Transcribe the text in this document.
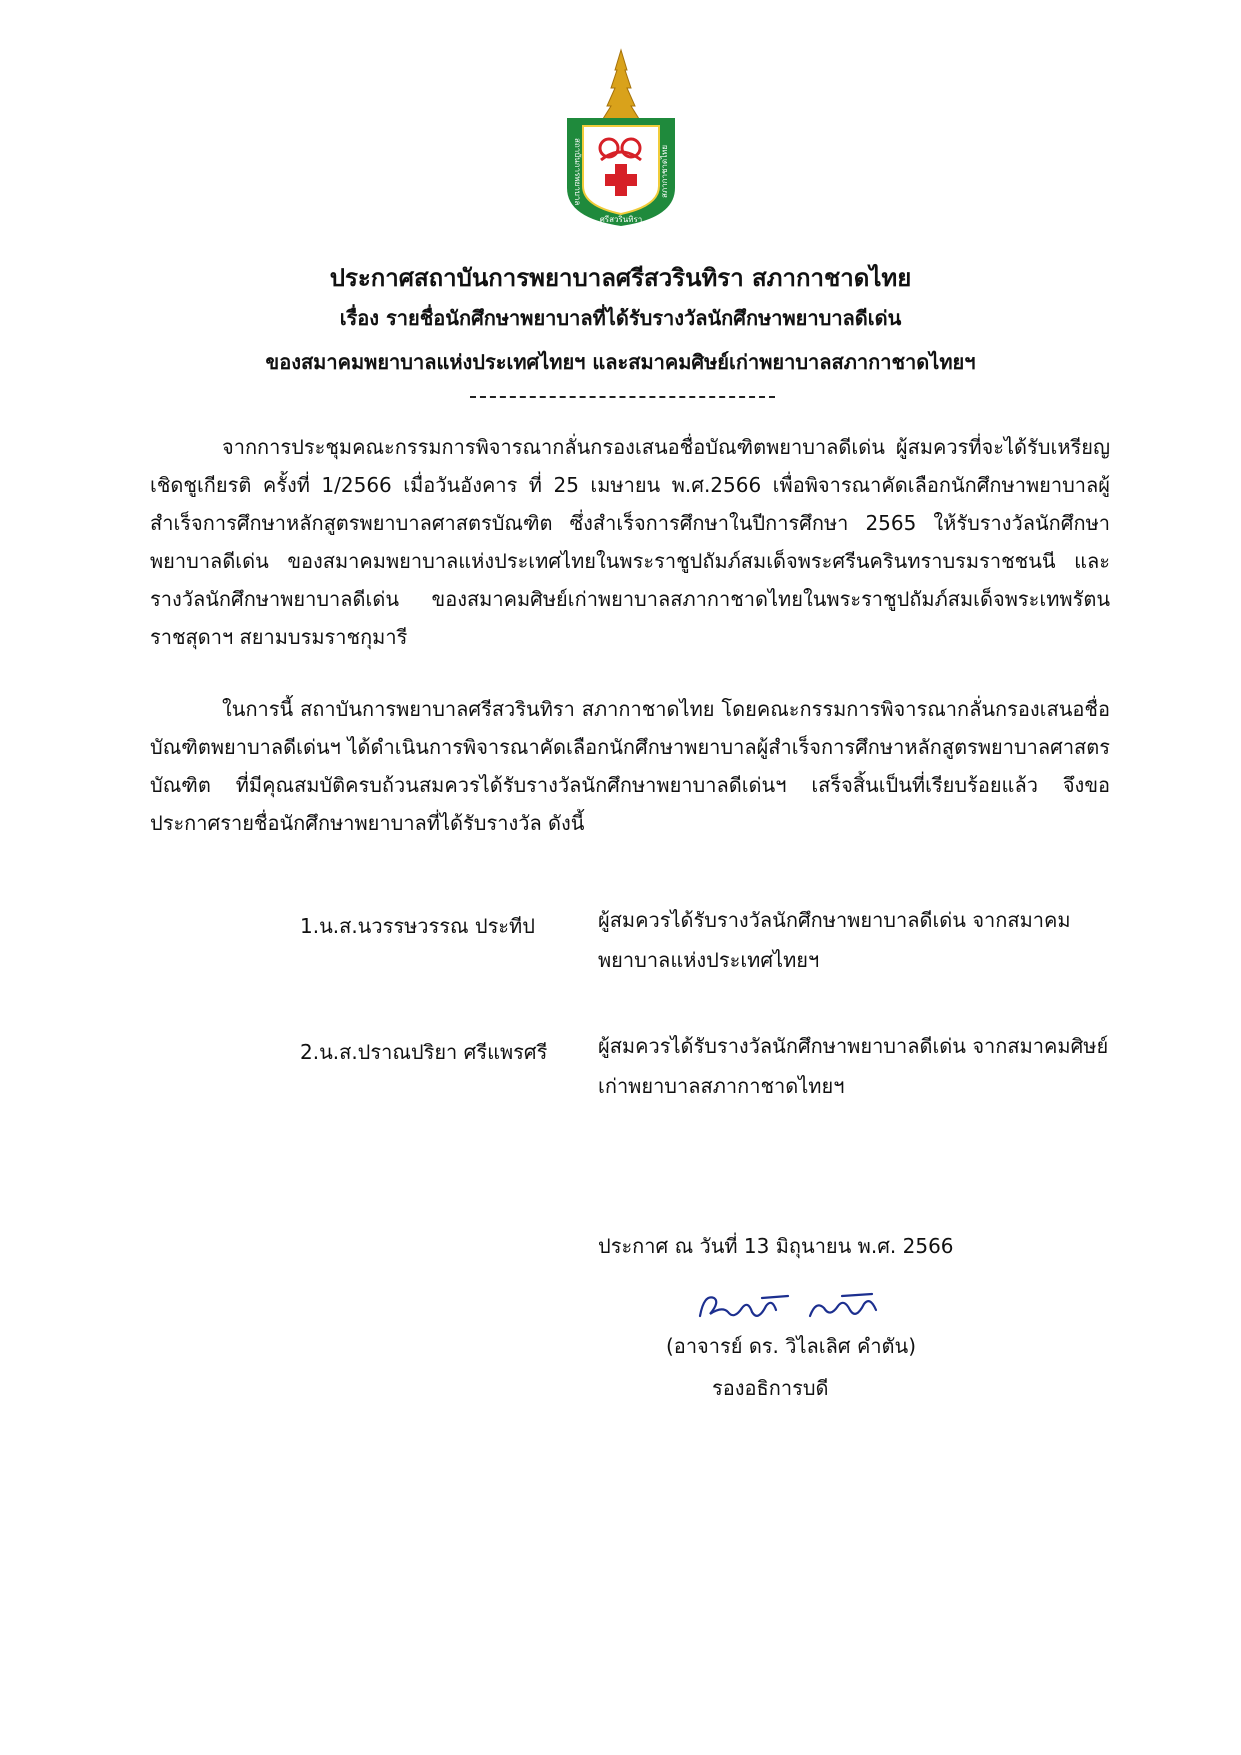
สถาบันการพยาบาล	สภากาชาดไทย
ศรีสวรินทิรา
ประกาศสถาบันการพยาบาลศรีสวรินทิรา สภากาชาดไทย
เรื่อง รายชื่อนักศึกษาพยาบาลที่ได้รับรางวัลนักศึกษาพยาบาลดีเด่น
ของสมาคมพยาบาลแห่งประเทศไทยฯ และสมาคมศิษย์เก่าพยาบาลสภากาชาดไทยฯ

จากการประชุมคณะกรรมการพิจารณากลั่นกรองเสนอชื่อบัณฑิตพยาบาลดีเด่น ผู้สมควรที่จะได้รับเหรียญเชิดชูเกียรติ ครั้งที่ 1/2566 เมื่อวันอังคาร ที่ 25 เมษายน พ.ศ.2566 เพื่อพิจารณาคัดเลือกนักศึกษาพยาบาลผู้สำเร็จการศึกษาหลักสูตรพยาบาลศาสตรบัณฑิต ซึ่งสำเร็จการศึกษาในปีการศึกษา 2565 ให้รับรางวัลนักศึกษาพยาบาลดีเด่น ของสมาคมพยาบาลแห่งประเทศไทยในพระราชูปถัมภ์สมเด็จพระศรีนครินทราบรมราชชนนี และ รางวัลนักศึกษาพยาบาลดีเด่น ของสมาคมศิษย์เก่าพยาบาลสภากาชาดไทยในพระราชูปถัมภ์สมเด็จพระเทพรัตนราชสุดาฯ สยามบรมราชกุมารี

ในการนี้ สถาบันการพยาบาลศรีสวรินทิรา สภากาชาดไทย โดยคณะกรรมการพิจารณากลั่นกรองเสนอชื่อบัณฑิตพยาบาลดีเด่นฯ ได้ดำเนินการพิจารณาคัดเลือกนักศึกษาพยาบาลผู้สำเร็จการศึกษาหลักสูตรพยาบาลศาสตรบัณฑิต ที่มีคุณสมบัติครบถ้วนสมควรได้รับรางวัลนักศึกษาพยาบาลดีเด่นฯ เสร็จสิ้นเป็นที่เรียบร้อยแล้ว จึงขอประกาศรายชื่อนักศึกษาพยาบาลที่ได้รับรางวัล ดังนี้

1.น.ส.นวรรษวรรณ ประทีป	ผู้สมควรได้รับรางวัลนักศึกษาพยาบาลดีเด่น จากสมาคมพยาบาลแห่งประเทศไทยฯ

2.น.ส.ปราณปริยา ศรีแพรศรี	ผู้สมควรได้รับรางวัลนักศึกษาพยาบาลดีเด่น จากสมาคมศิษย์เก่าพยาบาลสภากาชาดไทยฯ

ประกาศ ณ วันที่ 13 มิถุนายน พ.ศ. 2566
(อาจารย์ ดร. วิไลเลิศ คำตัน)
รองอธิการบดี
